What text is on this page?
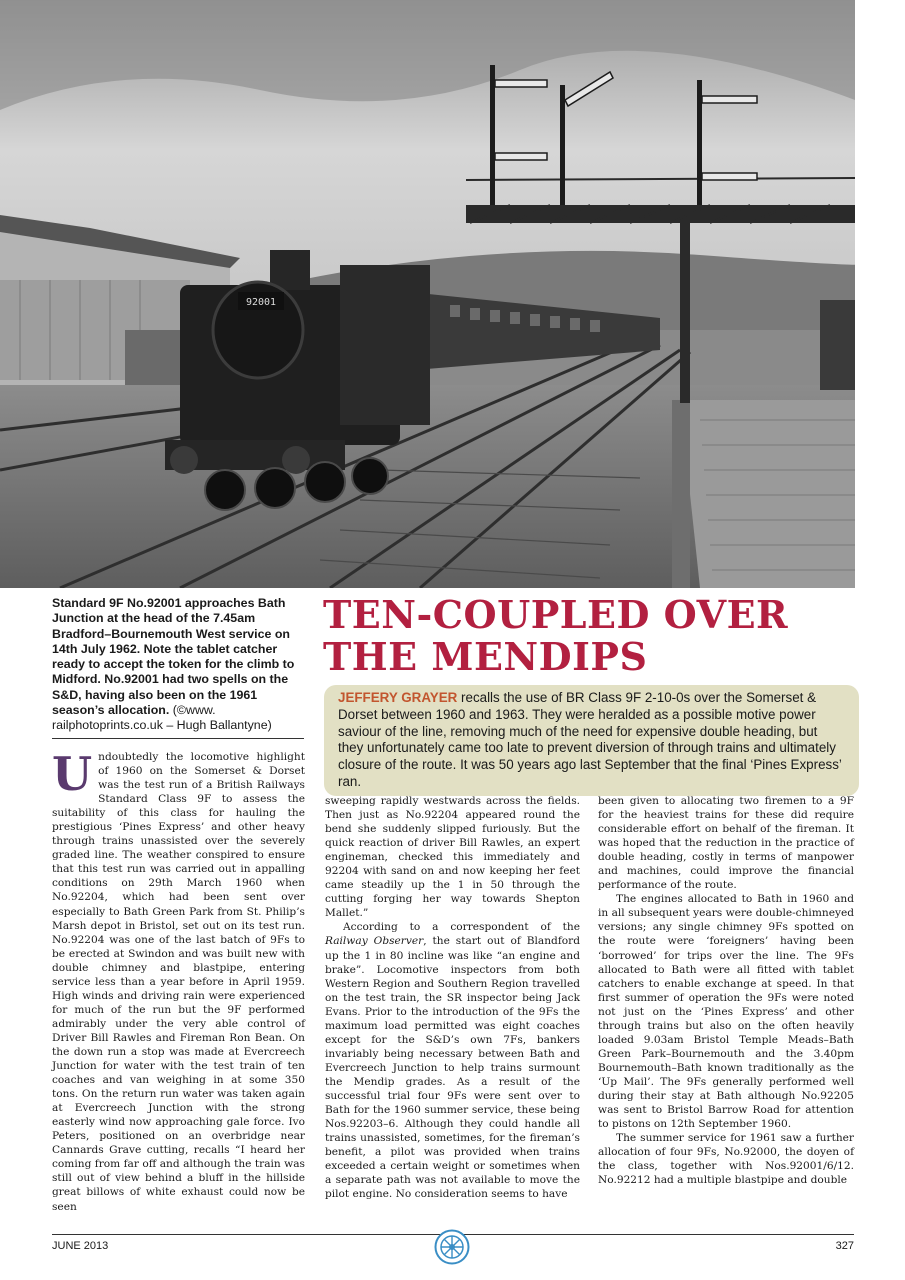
92001
Standard 9F No.92001 approaches Bath Junction at the head of the 7.45am Bradford–Bournemouth West service on 14th July 1962. Note the tablet catcher ready to accept the token for the climb to Midford. No.92001 had two spells on the S&D, having also been on the 1961 season’s allocation. (©www. railphotoprints.co.uk – Hugh Ballantyne)
TEN-COUPLED OVER
THE MENDIPS
JEFFERY GRAYER recalls the use of BR Class 9F 2-10-0s over the Somerset & Dorset between 1960 and 1963. They were heralded as a possible motive power saviour of the line, removing much of the need for expensive double heading, but they unfortunately came too late to prevent diversion of through trains and ultimately closure of the route. It was 50 years ago last September that the final ‘Pines Express’ ran.

Undoubtedly the locomotive highlight of 1960 on the Somerset & Dorset was the test run of a British Railways Standard Class 9F to assess the suitability of this class for hauling the prestigious ‘Pines Express’ and other heavy through trains unassisted over the severely graded line. The weather conspired to ensure that this test run was carried out in appalling conditions on 29th March 1960 when No.92204, which had been sent over especially to Bath Green Park from St. Philip’s Marsh depot in Bristol, set out on its test run. No.92204 was one of the last batch of 9Fs to be erected at Swindon and was built new with double chimney and blastpipe, entering service less than a year before in April 1959. High winds and driving rain were experienced for much of the run but the 9F performed admirably under the very able control of Driver Bill Rawles and Fireman Ron Bean. On the down run a stop was made at Evercreech Junction for water with the test train of ten coaches and van weighing in at some 350 tons. On the return run water was taken again at Evercreech Junction with the strong easterly wind now approaching gale force. Ivo Peters, positioned on an overbridge near Cannards Grave cutting, recalls “I heard her coming from far off and although the train was still out of view behind a bluff in the hillside great billows of white exhaust could now be seen

sweeping rapidly westwards across the fields. Then just as No.92204 appeared round the bend she suddenly slipped furiously. But the quick reaction of driver Bill Rawles, an expert engineman, checked this immediately and 92204 with sand on and now keeping her feet came steadily up the 1 in 50 through the cutting forging her way towards Shepton Mallet.”

According to a correspondent of the Railway Observer, the start out of Blandford up the 1 in 80 incline was like “an engine and brake”. Locomotive inspectors from both Western Region and Southern Region travelled on the test train, the SR inspector being Jack Evans. Prior to the introduction of the 9Fs the maximum load permitted was eight coaches except for the S&D’s own 7Fs, bankers invariably being necessary between Bath and Evercreech Junction to help trains surmount the Mendip grades. As a result of the successful trial four 9Fs were sent over to Bath for the 1960 summer service, these being Nos.92203–6. Although they could handle all trains unassisted, sometimes, for the fireman’s benefit, a pilot was provided when trains exceeded a certain weight or sometimes when a separate path was not available to move the pilot engine. No consideration seems to have

been given to allocating two firemen to a 9F for the heaviest trains for these did require considerable effort on behalf of the fireman. It was hoped that the reduction in the practice of double heading, costly in terms of manpower and machines, could improve the financial performance of the route.

The engines allocated to Bath in 1960 and in all subsequent years were double-chimneyed versions; any single chimney 9Fs spotted on the route were ‘foreigners’ having been ‘borrowed’ for trips over the line. The 9Fs allocated to Bath were all fitted with tablet catchers to enable exchange at speed. In that first summer of operation the 9Fs were noted not just on the ‘Pines Express’ and other through trains but also on the often heavily loaded 9.03am Bristol Temple Meads–Bath Green Park–Bournemouth and the 3.40pm Bournemouth–Bath known traditionally as the ‘Up Mail’. The 9Fs generally performed well during their stay at Bath although No.92205 was sent to Bristol Barrow Road for attention to pistons on 12th September 1960.

The summer service for 1961 saw a further allocation of four 9Fs, No.92000, the doyen of the class, together with Nos.92001/6/12. No.92212 had a multiple blastpipe and double

JUNE 2013	327
